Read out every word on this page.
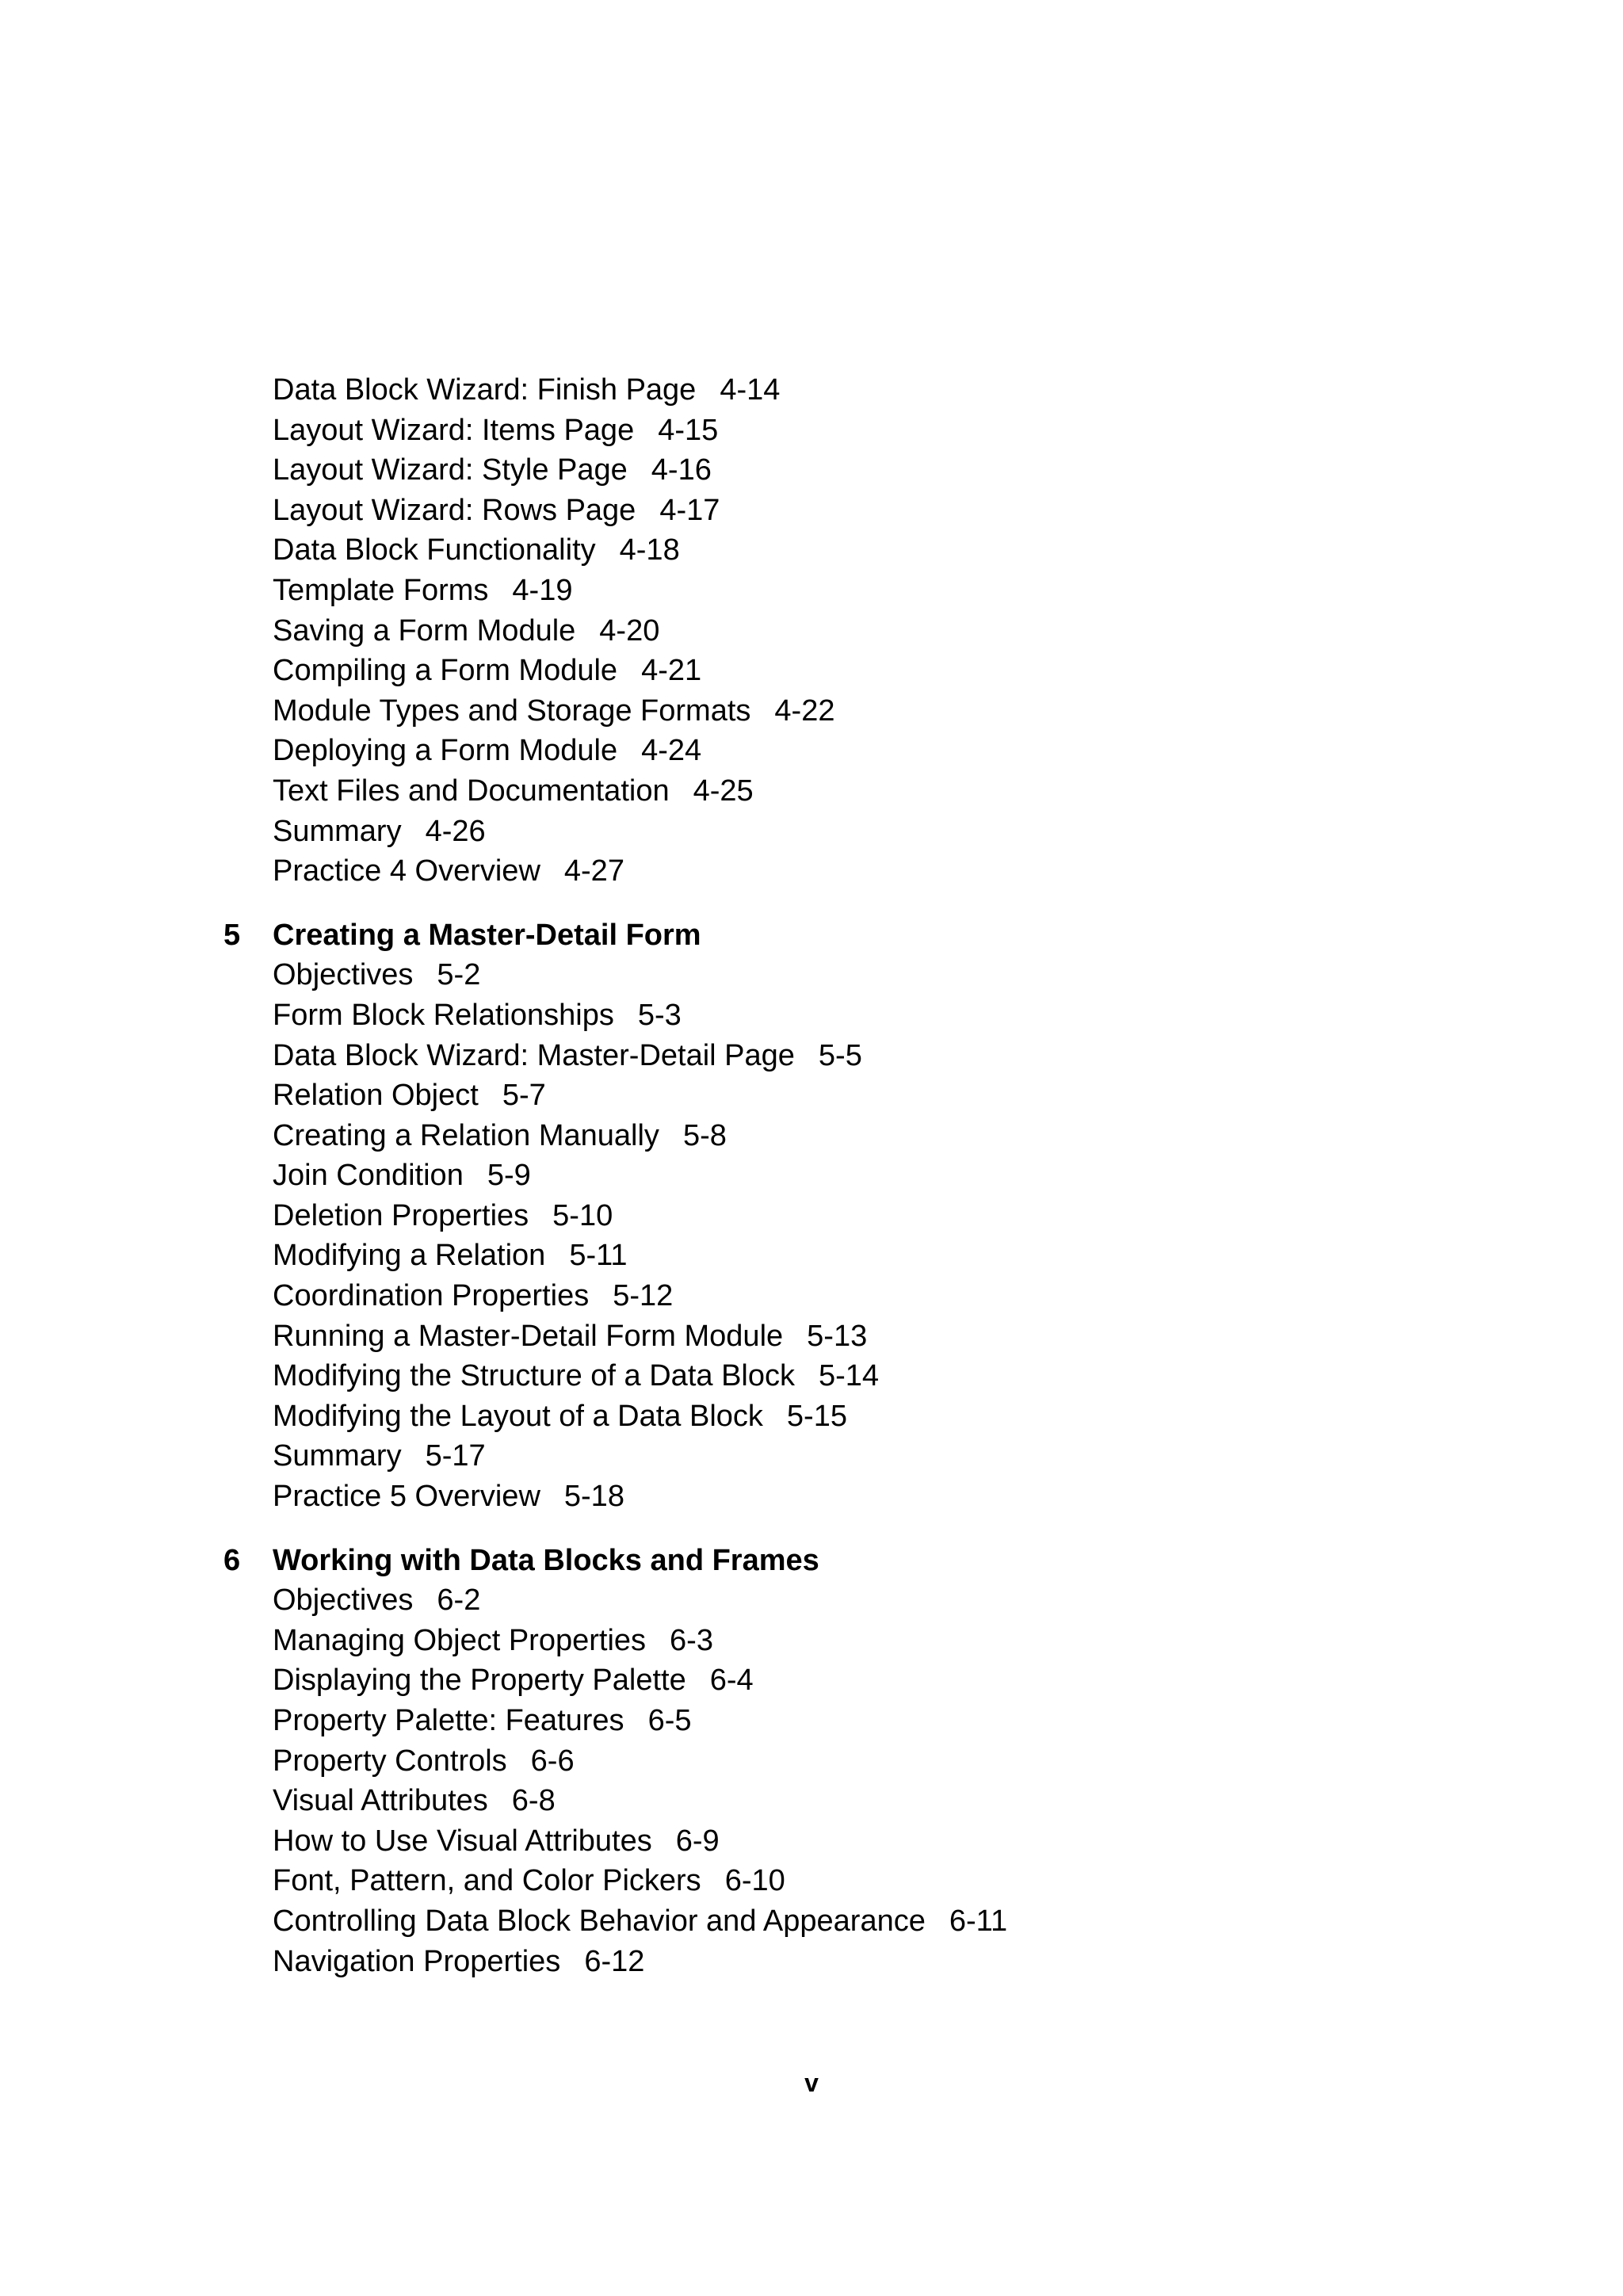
Data Block Wizard: Finish Page 4-14
Layout Wizard: Items Page 4-15
Layout Wizard: Style Page 4-16
Layout Wizard: Rows Page 4-17
Data Block Functionality 4-18
Template Forms 4-19
Saving a Form Module 4-20
Compiling a Form Module 4-21
Module Types and Storage Formats 4-22
Deploying a Form Module 4-24
Text Files and Documentation 4-25
Summary 4-26
Practice 4 Overview 4-27
5 Creating a Master-Detail Form
Objectives 5-2
Form Block Relationships 5-3
Data Block Wizard: Master-Detail Page 5-5
Relation Object 5-7
Creating a Relation Manually 5-8
Join Condition 5-9
Deletion Properties 5-10
Modifying a Relation 5-11
Coordination Properties 5-12
Running a Master-Detail Form Module 5-13
Modifying the Structure of a Data Block 5-14
Modifying the Layout of a Data Block 5-15
Summary 5-17
Practice 5 Overview 5-18
6 Working with Data Blocks and Frames
Objectives 6-2
Managing Object Properties 6-3
Displaying the Property Palette 6-4
Property Palette: Features 6-5
Property Controls 6-6
Visual Attributes 6-8
How to Use Visual Attributes 6-9
Font, Pattern, and Color Pickers 6-10
Controlling Data Block Behavior and Appearance 6-11
Navigation Properties 6-12
v
